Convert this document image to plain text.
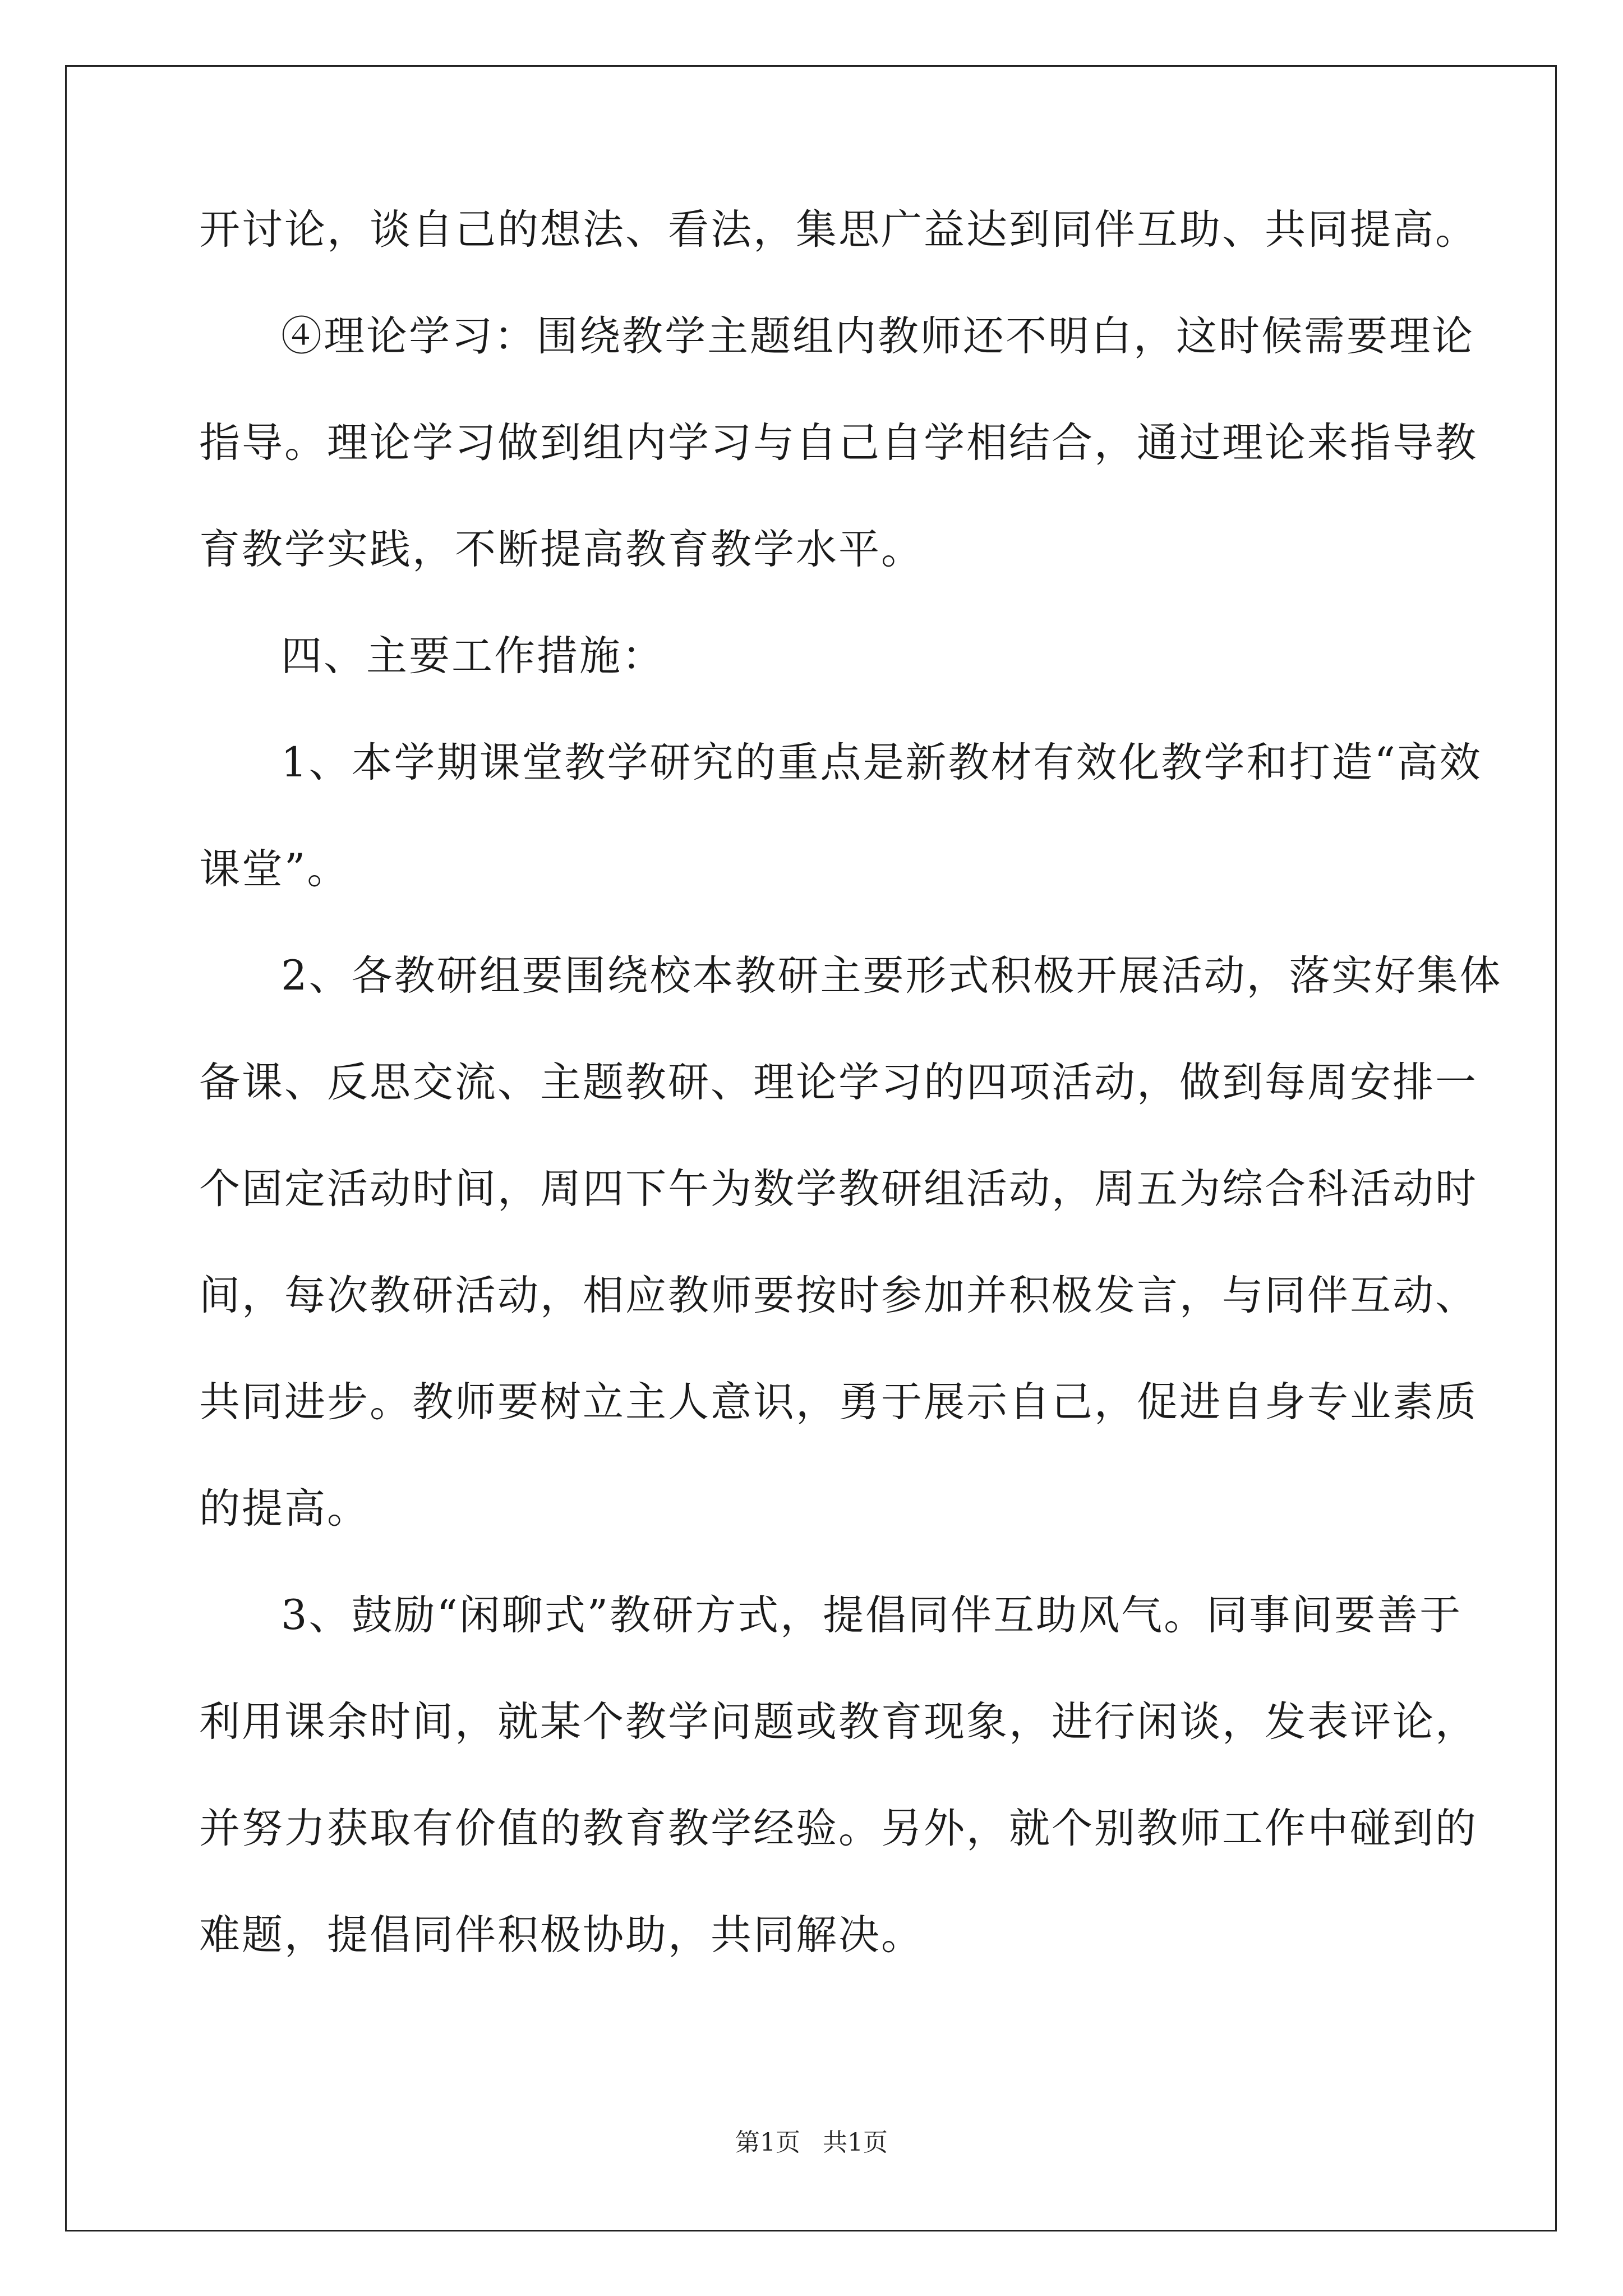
开讨论，谈自己的想法、看法，集思广益达到同伴互助、共同提高。
④理论学习：围绕教学主题组内教师还不明白，这时候需要理论
指导。理论学习做到组内学习与自己自学相结合，通过理论来指导教
育教学实践，不断提高教育教学水平。
四、主要工作措施：
1、本学期课堂教学研究的重点是新教材有效化教学和打造“高效
课堂”。
2、各教研组要围绕校本教研主要形式积极开展活动，落实好集体
备课、反思交流、主题教研、理论学习的四项活动，做到每周安排一
个固定活动时间，周四下午为数学教研组活动，周五为综合科活动时
间，每次教研活动，相应教师要按时参加并积极发言，与同伴互动、
共同进步。教师要树立主人意识，勇于展示自己，促进自身专业素质
的提高。
3、鼓励“闲聊式”教研方式，提倡同伴互助风气。同事间要善于
利用课余时间，就某个教学问题或教育现象，进行闲谈，发表评论，
并努力获取有价值的教育教学经验。另外，就个别教师工作中碰到的
难题，提倡同伴积极协助，共同解决。
第1页 共1页
